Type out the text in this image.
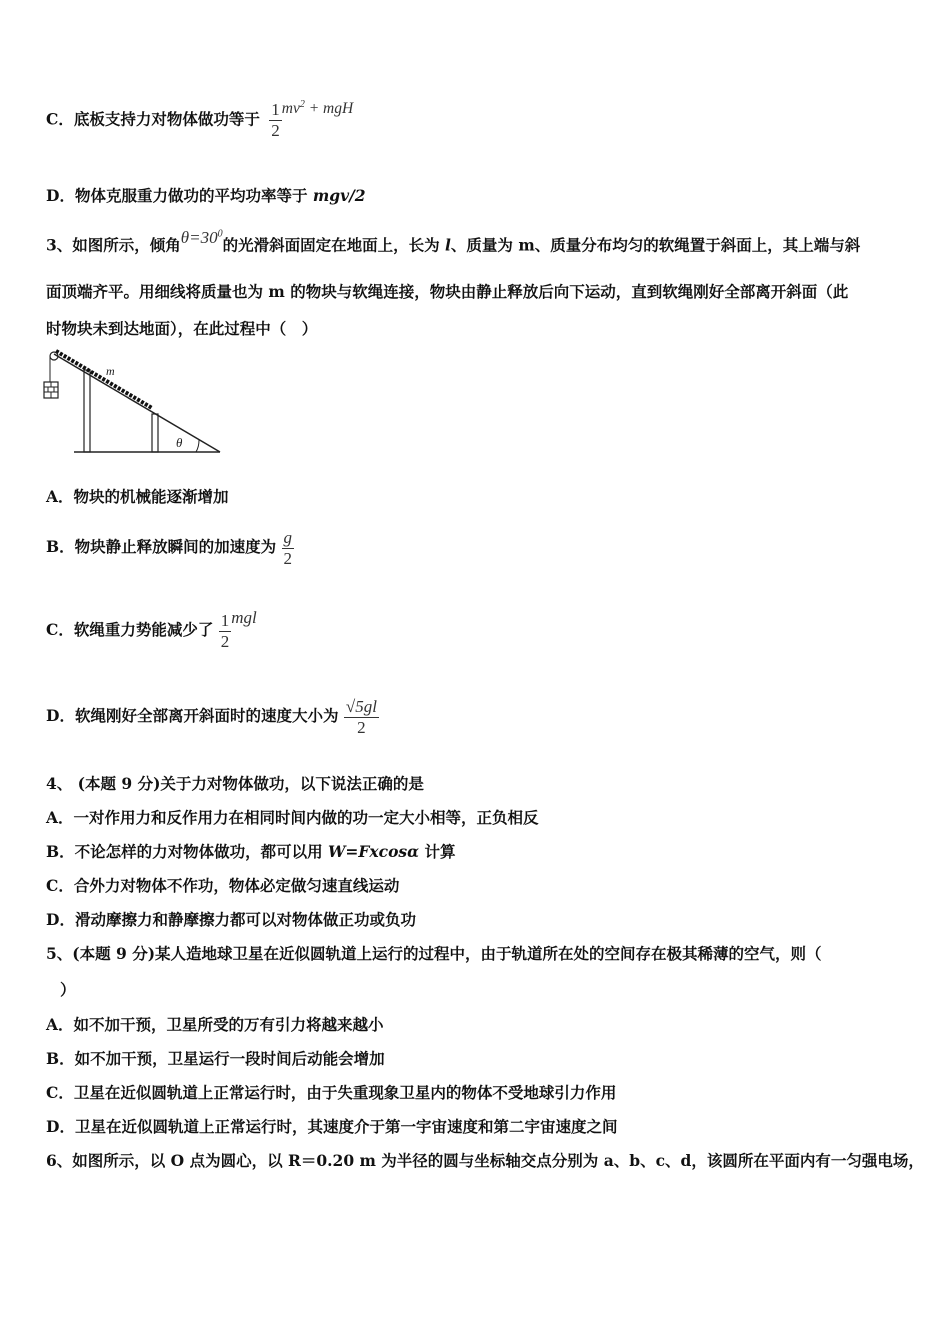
C．底板支持力对物体做功等于 $\frac{1}{2} mv^2$ + mgH
D．物体克服重力做功的平均功率等于 mgv/2
3、如图所示，倾角$\theta=30^0$的光滑斜面固定在地面上，长为 l、质量为 m、质量分布均匀的软绳置于斜面上，其上端与斜
面顶端齐平。用细线将质量也为 m 的物块与软绳连接，物块由静止释放后向下运动，直到软绳刚好全部离开斜面（此
时物块未到达地面），在此过程中（　）
m
θ
A．物块的机械能逐渐增加
B．物块静止释放瞬间的加速度为 $\frac{g}{2}$
C．软绳重力势能减少了 $\frac{1}{2}$ mgl
D．软绳刚好全部离开斜面时的速度大小为 $\frac{√5gl}{2}$
4、 (本题 9 分)关于力对物体做功，以下说法正确的是
A．一对作用力和反作用力在相同时间内做的功一定大小相等，正负相反
B．不论怎样的力对物体做功，都可以用 W=Fxcosα 计算
C．合外力对物体不作功，物体必定做匀速直线运动
D．滑动摩擦力和静摩擦力都可以对物体做正功或负功
5、(本题 9 分)某人造地球卫星在近似圆轨道上运行的过程中，由于轨道所在处的空间存在极其稀薄的空气，则（
）
A．如不加干预，卫星所受的万有引力将越来越小
B．如不加干预，卫星运行一段时间后动能会增加
C．卫星在近似圆轨道上正常运行时，由于失重现象卫星内的物体不受地球引力作用
D．卫星在近似圆轨道上正常运行时，其速度介于第一宇宙速度和第二宇宙速度之间
6、如图所示，以 O 点为圆心，以 R＝0.20 m 为半径的圆与坐标轴交点分别为 a、b、c、d，该圆所在平面内有一匀强电场，
